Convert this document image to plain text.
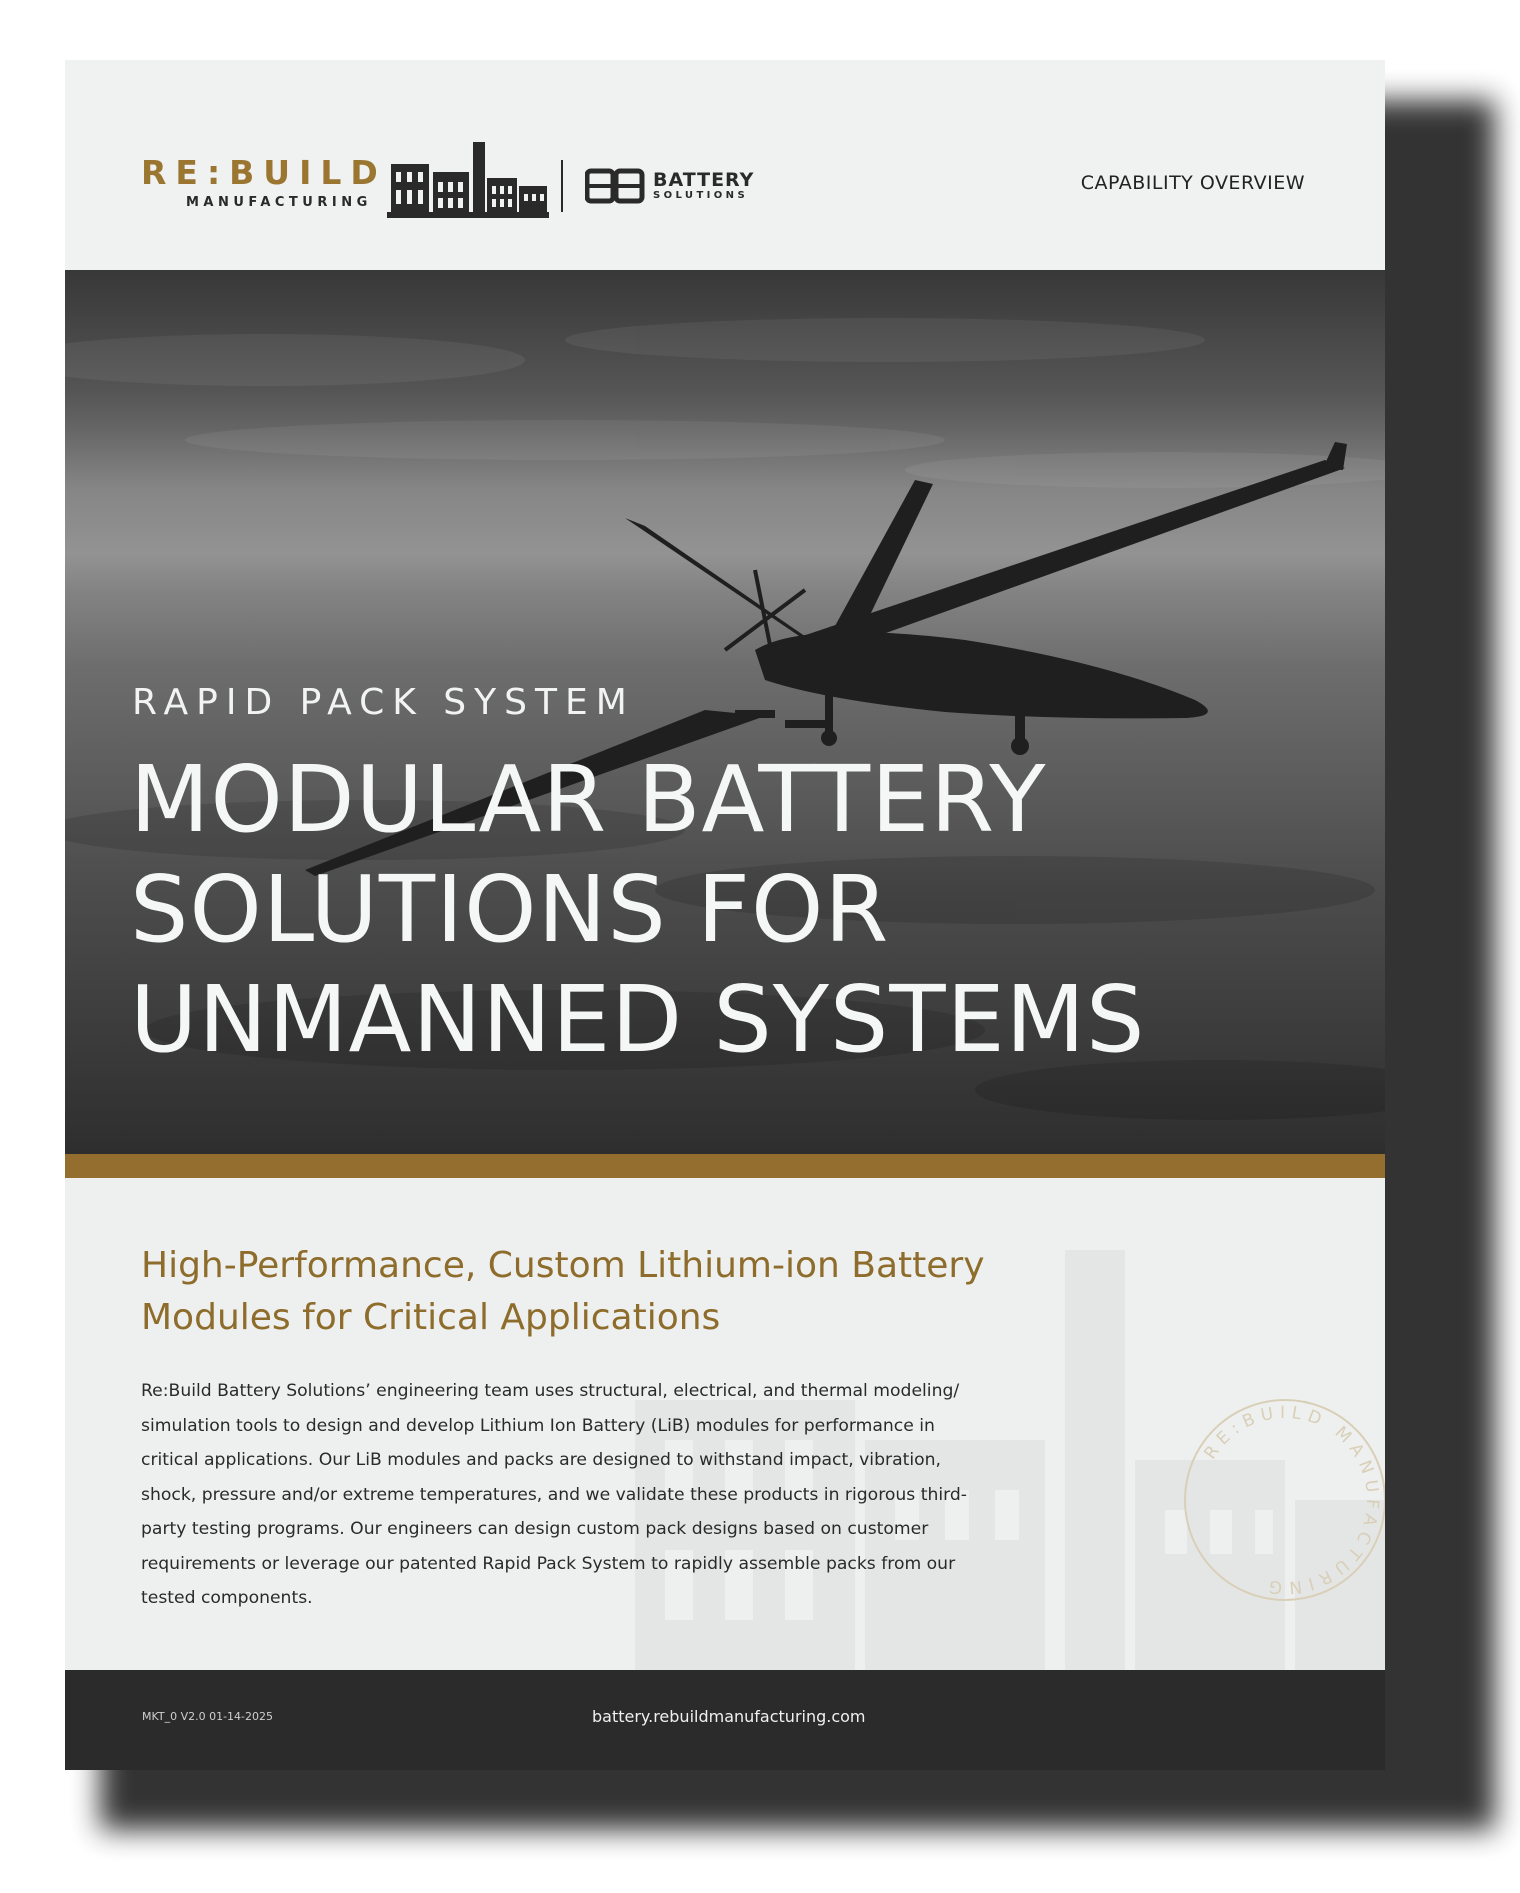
RE:BUILD
MANUFACTURING
BATTERY
SOLUTIONS
CAPABILITY OVERVIEW
RAPID PACK SYSTEM
MODULAR BATTERY
SOLUTIONS FOR
UNMANNED SYSTEMS
RE:BUILD MANUFACTURING
High-Performance, Custom Lithium-ion Battery
Modules for Critical Applications
Re:Build Battery Solutions’ engineering team uses structural, electrical, and thermal modeling/ simulation tools to design and develop Lithium Ion Battery (LiB) modules for performance in critical applications. Our LiB modules and packs are designed to withstand impact, vibration, shock, pressure and/or extreme temperatures, and we validate these products in rigorous third-party testing programs. Our engineers can design custom pack designs based on customer requirements or leverage our patented Rapid Pack System to rapidly assemble packs from our tested components.
MKT_0 V2.0 01-14-2025	battery.rebuildmanufacturing.com
